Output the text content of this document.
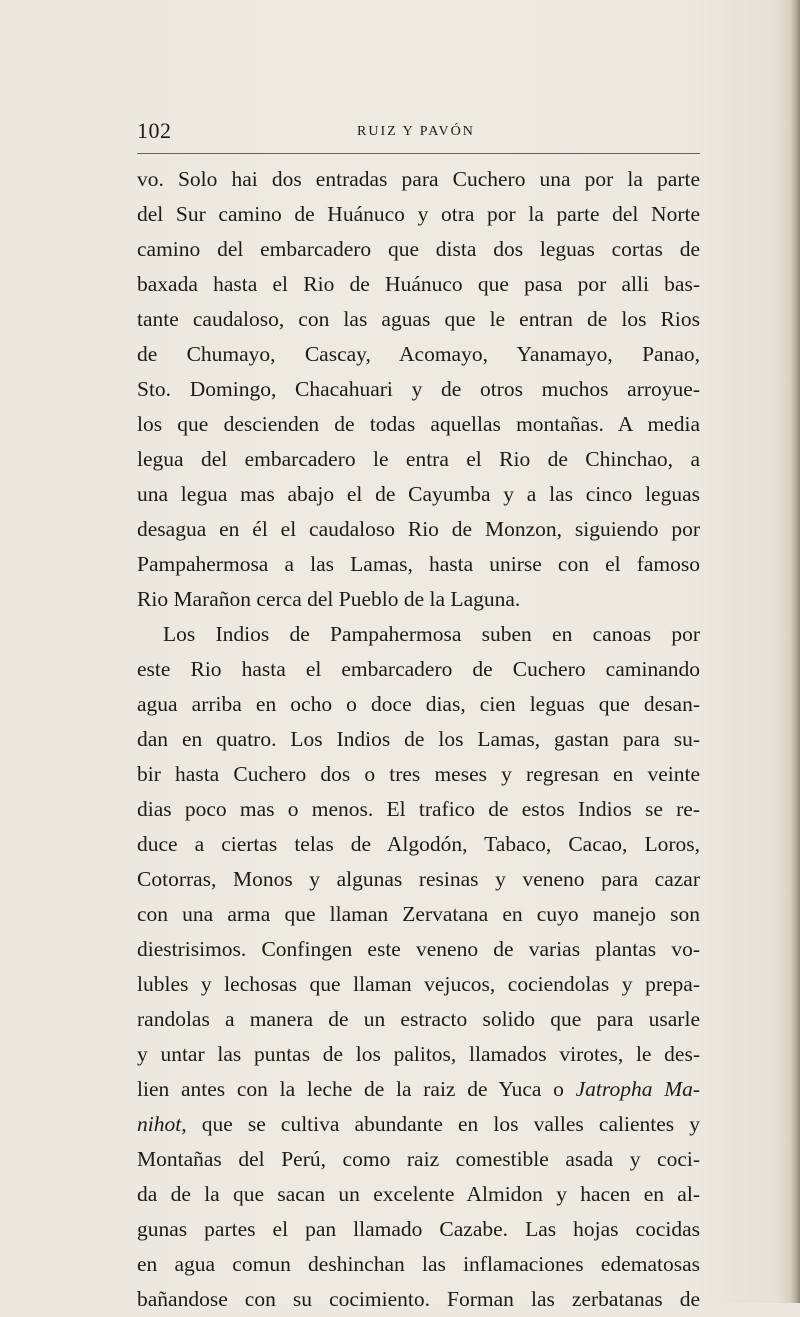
102	RUIZ Y PAVÓN
vo. Solo hai dos entradas para Cuchero una por la parte
del Sur camino de Huánuco y otra por la parte del Norte
camino del embarcadero que dista dos leguas cortas de
baxada hasta el Rio de Huánuco que pasa por alli bas-
tante caudaloso, con las aguas que le entran de los Rios
de Chumayo, Cascay, Acomayo, Yanamayo, Panao,
Sto. Domingo, Chacahuari y de otros muchos arroyue-
los que descienden de todas aquellas montañas. A media
legua del embarcadero le entra el Rio de Chinchao, a
una legua mas abajo el de Cayumba y a las cinco leguas
desagua en él el caudaloso Rio de Monzon, siguiendo por
Pampahermosa a las Lamas, hasta unirse con el famoso
Rio Marañon cerca del Pueblo de la Laguna.
Los Indios de Pampahermosa suben en canoas por
este Rio hasta el embarcadero de Cuchero caminando
agua arriba en ocho o doce dias, cien leguas que desan-
dan en quatro. Los Indios de los Lamas, gastan para su-
bir hasta Cuchero dos o tres meses y regresan en veinte
dias poco mas o menos. El trafico de estos Indios se re-
duce a ciertas telas de Algodón, Tabaco, Cacao, Loros,
Cotorras, Monos y algunas resinas y veneno para cazar
con una arma que llaman Zervatana en cuyo manejo son
diestrisimos. Confingen este veneno de varias plantas vo-
lubles y lechosas que llaman vejucos, cociendolas y prepa-
randolas a manera de un estracto solido que para usarle
y untar las puntas de los palitos, llamados virotes, le des-
lien antes con la leche de la raiz de Yuca o Jatropha Ma-
nihot, que se cultiva abundante en los valles calientes y
Montañas del Perú, como raiz comestible asada y coci-
da de la que sacan un excelente Almidon y hacen en al-
gunas partes el pan llamado Cazabe. Las hojas cocidas
en agua comun deshinchan las inflamaciones edematosas
bañandose con su cocimiento. Forman las zerbatanas de
